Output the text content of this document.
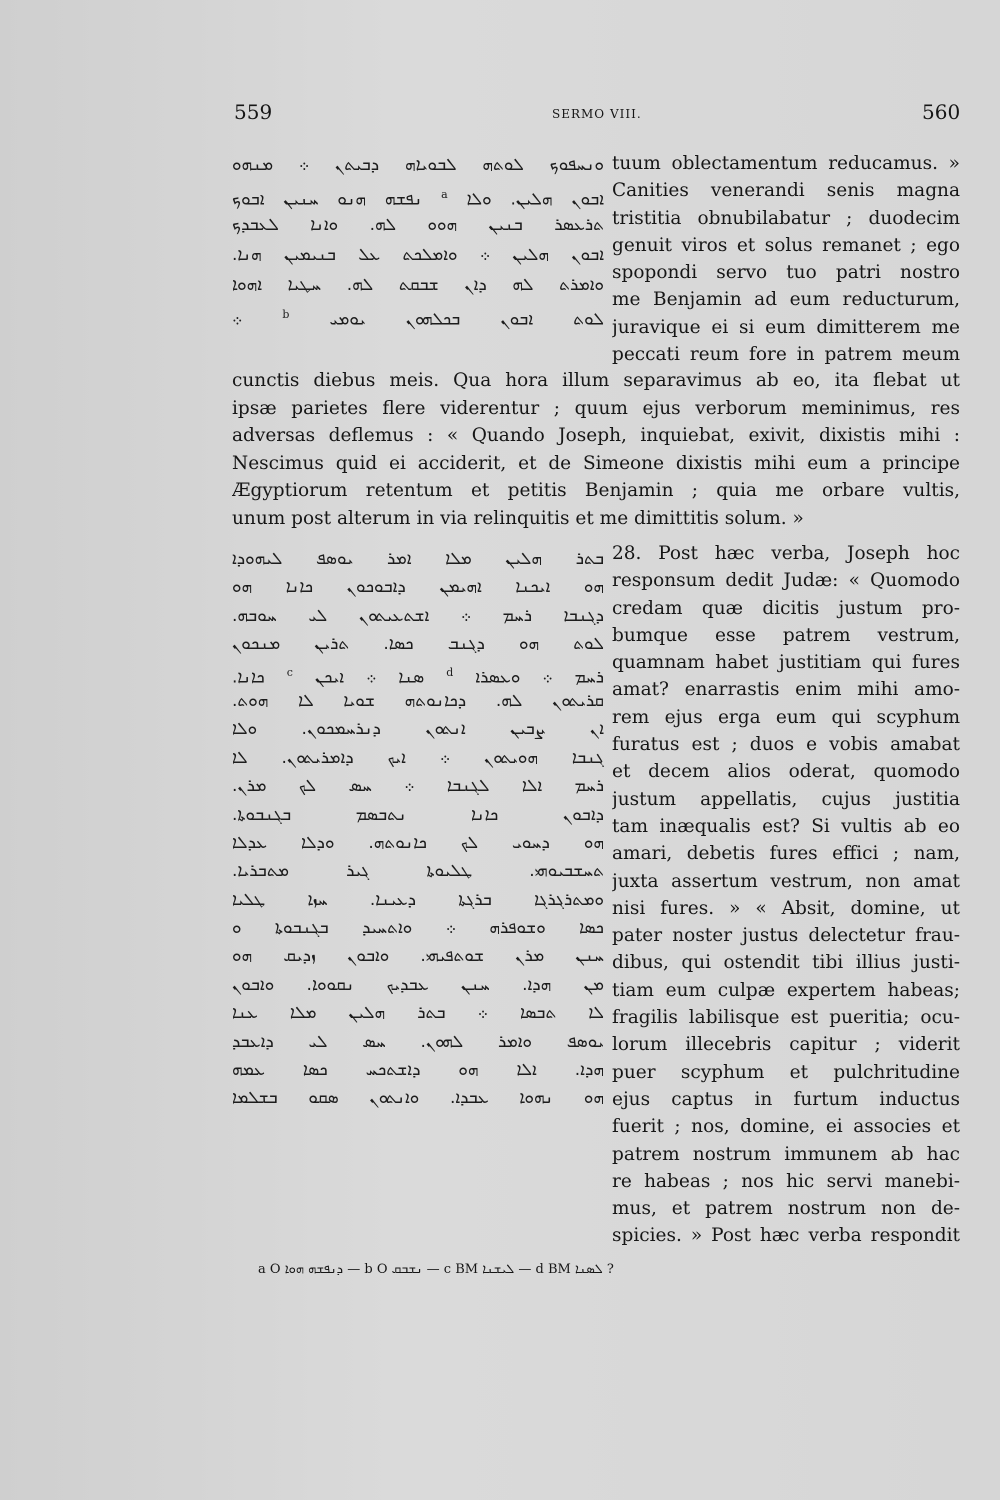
559	SERMO VIII.	560
ܘܢܚܦܘܟ ܠܘܬܗ ܠܒܘܝܐܗ ܕܒܝܬܢ ܀ ܡܢܗܘ
ܐܒܘܢ ܗܠܝܢ. ܘܠܐ $^a$ ܢܦܫܗ ܗܢܘ ܚܢܝܢ ܐܒܘܟ
ܬܪܥܣܪ ܒܢܝܢ ܗܘܘ ܠܗ. ܘܐܢܐ ܠܥܒܕܟ
ܐܒܘܢ ܗܠܝܢ ܀ ܘܐܡܠܟܬ ܥܠ ܒܢܝܡܝܢ ܗܢܐ.
ܘܐܡܪܬ ܠܗ ܕܐܢ ܫܒܩܬ ܠܗ. ܚܛܝܐ ܐܗܘܐ
ܠܘܬ ܐܒܘܢ ܒܟܠܗܘܢ ܝܘܡܝ $^b$ ܀
tuum oblectamentum reducamus. »
Canities venerandi senis magna
tristitia obnubilabatur ; duodecim
genuit viros et solus remanet ; ego
spopondi servo tuo patri nostro
me Benjamin ad eum reducturum,
juravique ei si eum dimitterem me
peccati reum fore in patrem meum
cunctis diebus meis. Qua hora illum separavimus ab eo, ita flebat ut
ipsæ parietes flere viderentur ; quum ejus verborum meminimus, res
adversas deflemus : « Quando Joseph, inquiebat, exivit, dixistis mihi :
Nescimus quid ei acciderit, et de Simeone dixistis mihi eum a principe
Ægyptiorum retentum et petitis Benjamin ; quia me orbare vultis,
unum post alterum in via relinquitis et me dimittitis solum. »
ܒܬܪ ܗܠܝܢ ܡܠܐ ܐܡܪ ܝܘܣܦ ܠܝܗܘܕܐ
ܗܘ ܐܝܟܢܐ ܐܗܝܡܢ ܕܐܒܘܟܘܢ ܟܐܢܐ ܗܘ
ܕܓܢܒܐ ܪܚܡ ܀ ܐܫܬܥܝܬܘܢ ܠܝ ܚܘܒܗ.
ܠܘܬ ܗܘ ܕܓܢܒ ܟܣܐ. ܬܪܝܢ ܡܢܟܘܢ
ܪܚܡ ܀ ܘܥܣܪܐ $^d$ ܣܢܐ ܀ ܐܝܟܢ $^c$ ܟܐܢܐ.
ܩܪܝܬܘܢ ܠܗ. ܕܟܐܢܘܬܗ ܫܘܝܐ ܠܐ ܗܘܬ.
ܐܢ ܨܒܝܢ ܐܢܬܘܢ ܕܢܪܚܡܟܘܢ. ܘܠܐ
ܓܢܒܐ ܗܘܝܬܘܢ ܀ ܐܝܟ ܕܐܡܪܝܬܘܢ. ܠܐ
ܪܚܡ ܐܠܐ ܠܓܢܒܐ ܀ ܚܣ ܠܟ ܡܪܢ.
ܕܐܒܘܢ ܟܐܢܐ ܢܬܒܣܡ ܒܓܢܒܘܬܐ.
ܗܘ ܕܚܘܝ ܠܟ ܟܐܢܘܬܗ. ܘܕܠܐ ܥܕܠܐ
ܬܚܫܒܝܘܗܝ. ܛܠܝܘܬܐ ܓܝܪ ܡܬܒܪܝܐ.
ܘܡܬܪܓܪܓܐ ܒܪܓܬܐ ܕܥܝܢܐ. ܚܙܐ ܛܠܝܐ
ܟܣܐ ܘܫܘܦܪܗ ܀ ܘܐܬܚܝܕ ܒܓܢܒܘܬܐ ܘ
ܚܢܢ ܡܪܢ ܫܘܬܦܝܗܝ. ܘܐܒܘܢ ܙܕܝܩ ܗܘ
ܡܢ ܗܕܐ. ܚܢܢ ܥܒܕܝܟ ܢܩܘܘܐ. ܘܐܒܘܢ
ܠܐ ܬܒܣܐ ܀ ܒܬܪ ܗܠܝܢ ܡܠܐ ܥܢܐ
ܝܘܣܦ ܘܐܡܪ ܠܗܘܢ. ܚܣ ܠܝ ܕܐܥܒܕ
ܗܕܐ. ܐܠܐ ܗܘ ܕܐܫܬܟܚ ܟܣܐ ܥܡܗ
ܗܘ ܢܗܘܐ ܥܒܕܐ. ܘܐܢܬܘܢ ܣܩܘ ܒܫܠܡܐ
28. Post hæc verba, Joseph hoc
responsum dedit Judæ: « Quomodo
credam quæ dicitis justum pro-
bumque esse patrem vestrum,
quamnam habet justitiam qui fures
amat? enarrastis enim mihi amo-
rem ejus erga eum qui scyphum
furatus est ; duos e vobis amabat
et decem alios oderat, quomodo
justum appellatis, cujus justitia
tam inæqualis est? Si vultis ab eo
amari, debetis fures effici ; nam,
juxta assertum vestrum, non amat
nisi fures. » « Absit, domine, ut
pater noster justus delectetur frau-
dibus, qui ostendit tibi illius justi-
tiam eum culpæ expertem habeas;
fragilis labilisque est pueritia; ocu-
lorum illecebris capitur ; viderit
puer scyphum et pulchritudine
ejus captus in furtum inductus
fuerit ; nos, domine, ei associes et
patrem nostrum immunem ab hac
re habeas ; nos hic servi manebi-
mus, et patrem nostrum non de-
spicies. » Post hæc verba respondit
a O ܕܢܦܫܗ ܗܘܐ — b O ܢܫܒܩ — c BM ܠܝܫܢܐ — d BM ܠܣܢܐ ?
